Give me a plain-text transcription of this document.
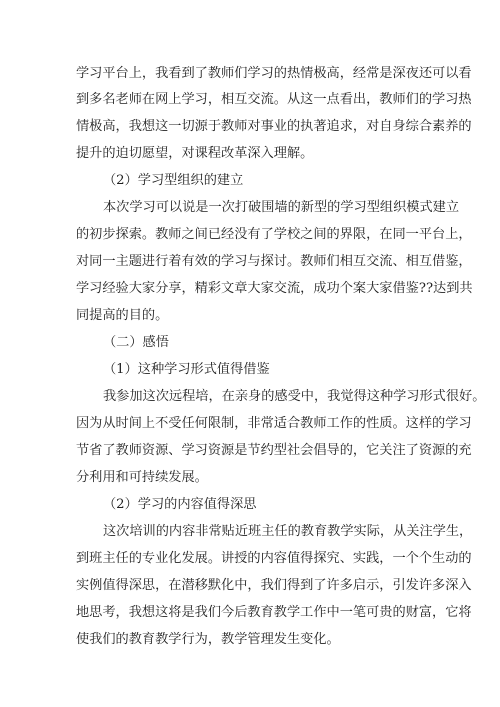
学习平台上，我看到了教师们学习的热情极高，经常是深夜还可以看
到多名老师在网上学习，相互交流。从这一点看出，教师们的学习热
情极高，我想这一切源于教师对事业的执著追求，对自身综合素养的
提升的迫切愿望，对课程改革深入理解。
（2）学习型组织的建立
本次学习可以说是一次打破围墙的新型的学习型组织模式建立
的初步探索。教师之间已经没有了学校之间的界限，在同一平台上，
对同一主题进行着有效的学习与探讨。教师们相互交流、相互借鉴，
学习经验大家分享，精彩文章大家交流，成功个案大家借鉴??达到共
同提高的目的。
（二）感悟
（1）这种学习形式值得借鉴
我参加这次远程培，在亲身的感受中，我觉得这种学习形式很好。
因为从时间上不受任何限制，非常适合教师工作的性质。这样的学习
节省了教师资源、学习资源是节约型社会倡导的，它关注了资源的充
分利用和可持续发展。
（2）学习的内容值得深思
这次培训的内容非常贴近班主任的教育教学实际，从关注学生，
到班主任的专业化发展。讲授的内容值得探究、实践，一个个生动的
实例值得深思，在潜移默化中，我们得到了许多启示，引发许多深入
地思考，我想这将是我们今后教育教学工作中一笔可贵的财富，它将
使我们的教育教学行为，教学管理发生变化。
